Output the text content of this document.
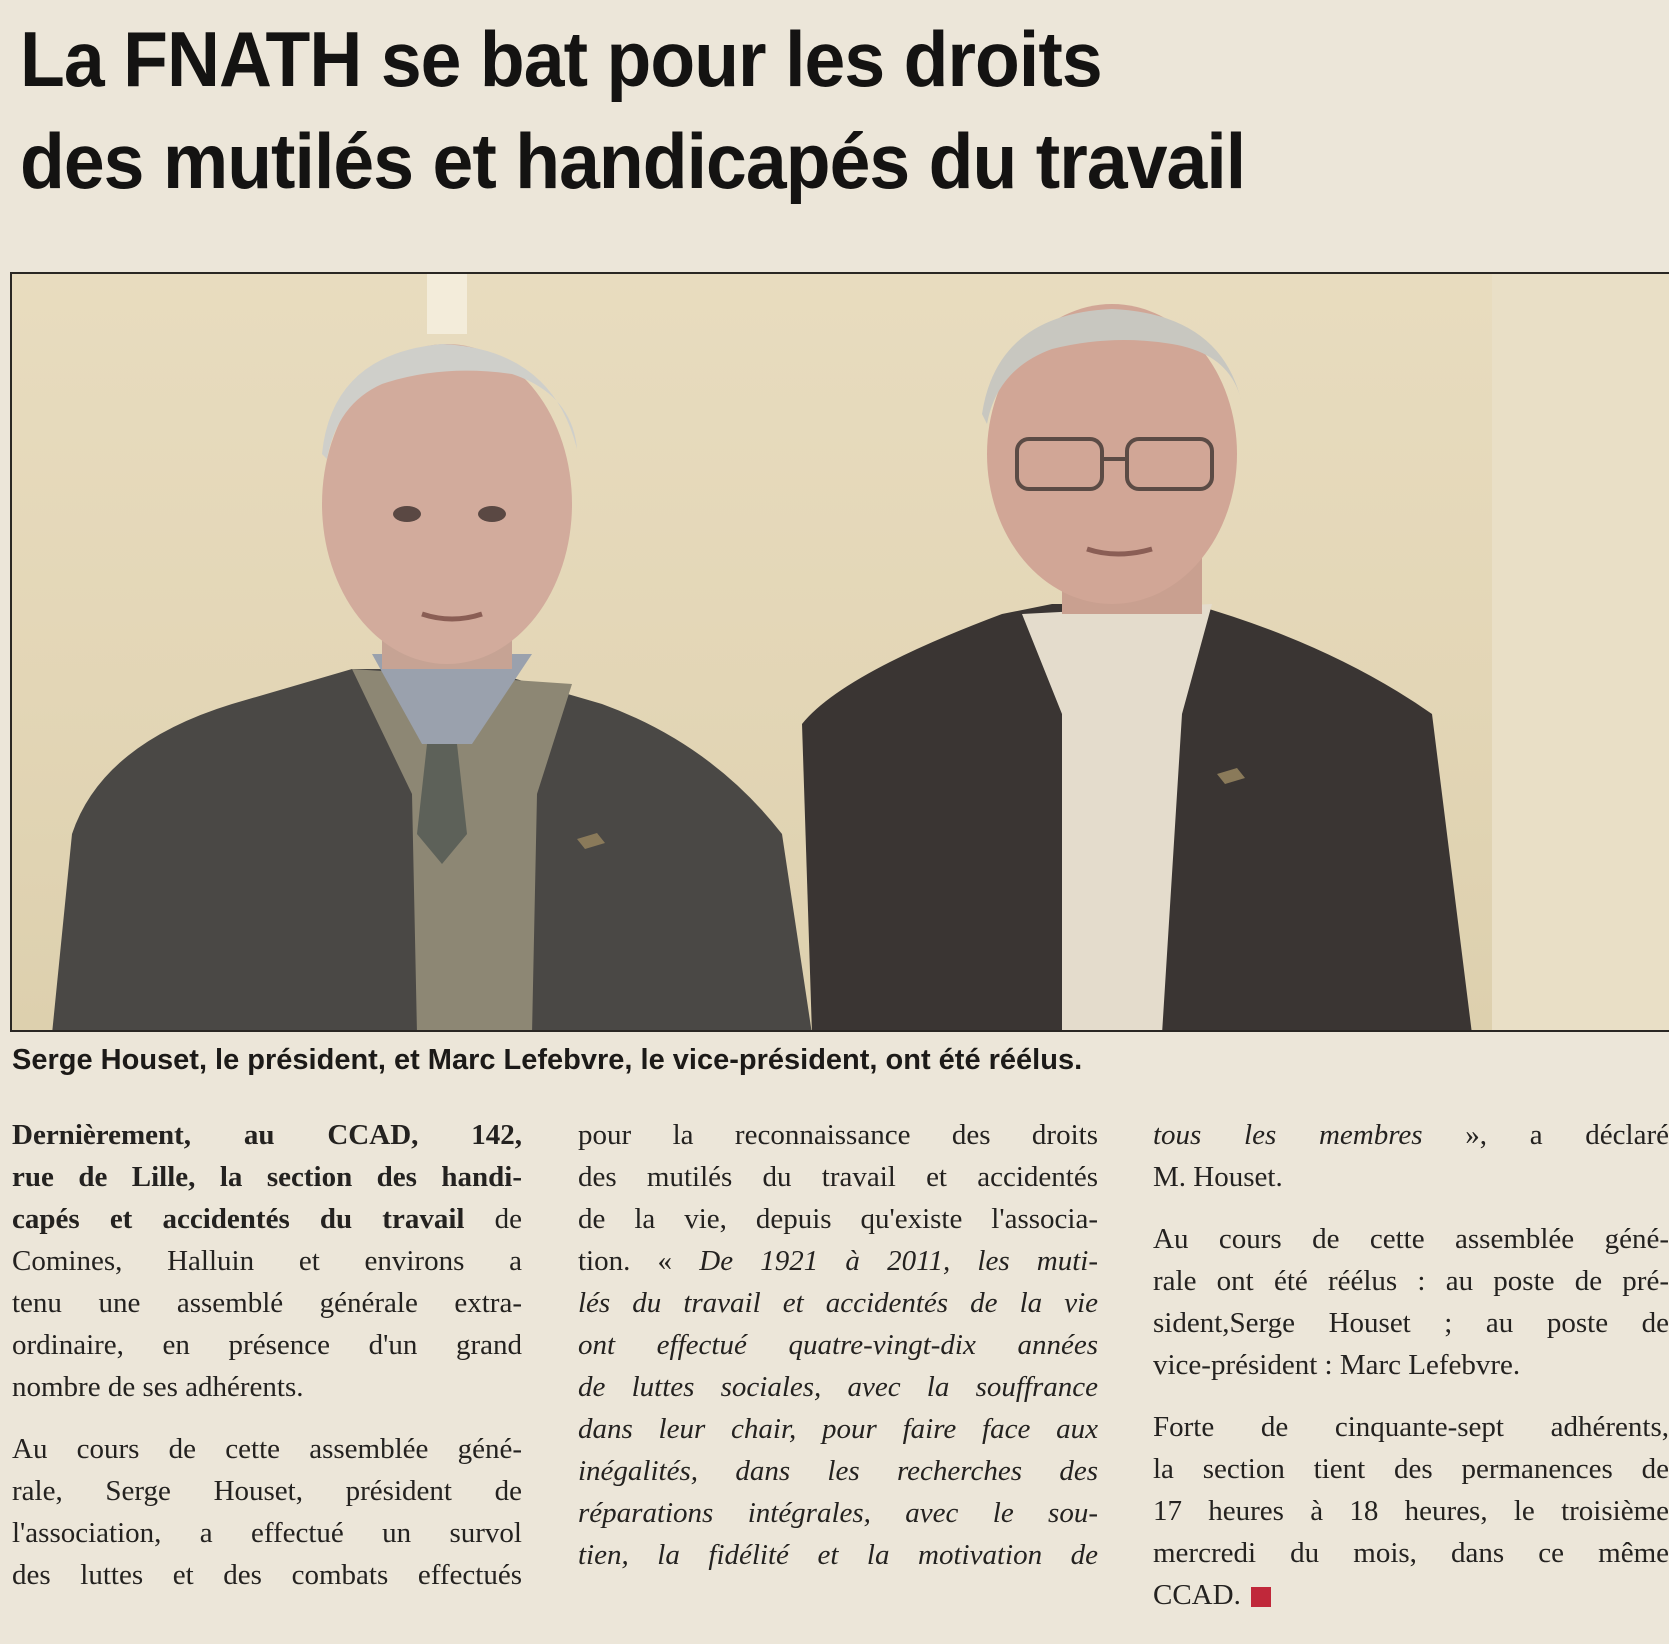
La FNATH se bat pour les droits
des mutilés et handicapés du travail
Serge Houset, le président, et Marc Lefebvre, le vice-président, ont été réélus.

Dernièrement, au CCAD, 142,
rue de Lille, la section des handi-
capés et accidentés du travail de
Comines, Halluin et environs a
tenu une assemblé générale extra-
ordinaire, en présence d'un grand
nombre de ses adhérents.

Au cours de cette assemblée géné-
rale, Serge Houset, président de
l'association, a effectué un survol
des luttes et des combats effectués

pour la reconnaissance des droits
des mutilés du travail et accidentés
de la vie, depuis qu'existe l'associa-
tion. « De 1921 à 2011, les muti-
lés du travail et accidentés de la vie
ont effectué quatre-vingt-dix années
de luttes sociales, avec la souffrance
dans leur chair, pour faire face aux
inégalités, dans les recherches des
réparations intégrales, avec le sou-
tien, la fidélité et la motivation de

tous les membres », a déclaré
M. Houset.

Au cours de cette assemblée géné-
rale ont été réélus : au poste de pré-
sident,Serge Houset ; au poste de
vice-président : Marc Lefebvre.

Forte de cinquante-sept adhérents,
la section tient des permanences de
17 heures à 18 heures, le troisième
mercredi du mois, dans ce même
CCAD.
